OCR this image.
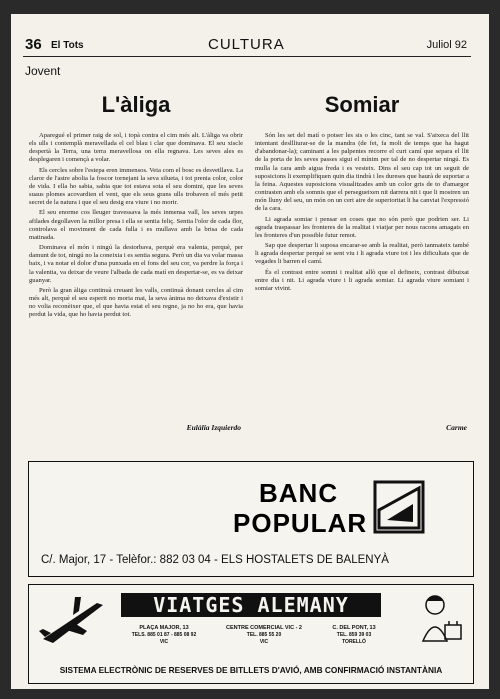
36 El Tots	CULTURA	Juliol 92
Jovent
L'àliga

Aparegué el primer raig de sol, i topà contra el cim més alt. L'àliga va obrir els ulls i contemplà meravellada el cel blau i clar que dominava. El seu xiscle despertà la Terra, una terra meravellosa on ella regnava. Les seves ales es desplegaren i començà a volar.

Els cercles sobre l'estepa eren immensos. Veia com el bosc es desvetllava. La claror de l'astre abolia la foscor tornejant la seva silueta, i tot prenia color, color de vida. I ella ho sabia, sabia que tot estava sota el seu domini, que les seves suaus plomes acovardien el vent, que els seus grans ulls trobaven el més petit secret de la natura i que el seu desig era viure i no morir.

El seu enorme cos lleuger travessava la més inmensa vall, les seves urpes afilades degollaven la millor presa i ella se sentia feliç. Sentia l'olor de cada flor, controlava el moviment de cada fulla i es mullava amb la brisa de cada matinada.

Dominava el món i ningú la destorbava, perquè era valenta, perquè, per damunt de tot, ningú no la coneixia i es sentia segura. Però un dia va volar massa baix, i va notar el dolor d'una punxada en el fons del seu cor, va perdre la força i la valentia, va deixar de veure l'albada de cada matí en despertar-se, es va deixar guanyar.

Però la gran àliga continuà creuant les valls, continuà donant cercles al cim més alt, perquè el seu esperit no moria mai, la seva ànima no deixava d'existir i no volia reconèixer que, el que havia estat el seu regne, ja no ho era, que havia perdut la vida, que ho havia perdut tot.

Eulàlia Izquierdo
Somiar

Són les set del matí o potser les sis o les cinc, tant se val. S'aixeca del llit intentant desllliurar-se de la mandra (de fet, fa molt de temps que ha hagut d'abandonar-la); caminant a les palpentes recorre el curt camí que separa el llit de la porta de les seves passes sigui el mínim per tal de no despertar ningú. Es mulla la cara amb aigua freda i es vesteix. Dins el seu cap tot un seguit de suposicions li exemplifiquen quin dia tindrà i les dureses que haurà de suportar a la feina. Aquestes suposicions visualitzades amb un color gris de to d'amargor contrasten amb els somnis que el persegueixen nit darrera nit i que li mostren un món lluny del seu, un món on un cert aire de superioritat li ha canviat l'expressió de la cara.

Li agrada somiar i pensar en coses que no són però que podrien ser. Li agrada traspassar les fronteres de la realitat i viatjar per nous racons amagats en les fronteres d'un possible futur remot.

Sap que despertar li suposa encarar-se amb la realitat, però tanmateix també li agrada despertar perquè se sent viu i li agrada viure tot i les dificultats que de vegades li barren el camí.

És el contrast entre somni i realitat allò que el defineix, contrast dibuixat entre dia i nit. Li agrada viure i li agrada somiar. Li agrada viure somiant i somiar vivint.

Carme
BANC
POPULAR
C/. Major, 17 - Telèfor.: 882 03 04 - ELS HOSTALETS DE BALENYÀ
VIATGES ALEMANY
PLAÇA MAJOR, 13
TELS. 885 01 87 - 885 08 92
VIC
CENTRE COMERCIAL VIC - 2
TEL. 885 55 20
VIC
C. DEL PONT, 13
TEL. 859 39 03
TORELLÓ
SISTEMA ELECTRÒNIC DE RESERVES DE BITLLETS D'AVIÓ, AMB CONFIRMACIÓ INSTANTÀNIA
